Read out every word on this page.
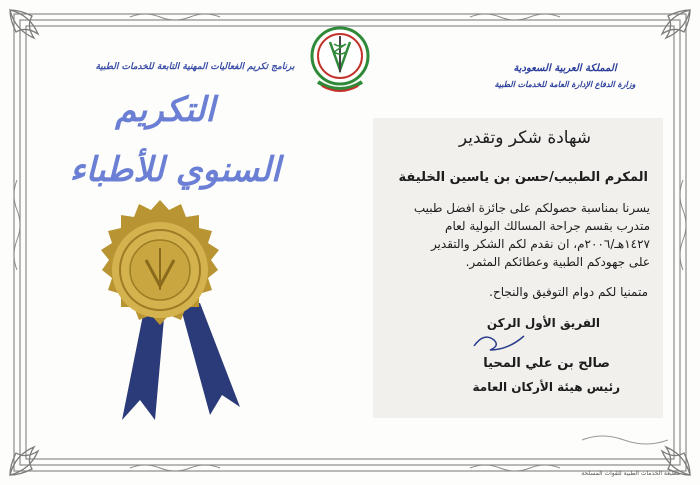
برنامج تكريم الفعاليات المهنية التابعة للخدمات الطبية	المملكة العربية السعودية
وزارة الدفاع الإدارة العامة للخدمات الطبية
التكريم
السنوي للأطباء
شهادة شكر وتقدير
المكرم الطبيب/حسن بن ياسين الخليفة
يسرنا بمناسبة حصولكم على جائزة افضل طبيب
متدرب بقسم جراحة المسالك البولية لعام
١٤٢٧هـ/٢٠٠٦م، ان نقدم لكم الشكر والتقدير
على جهودكم الطبية وعطائكم المثمر.
متمنيا لكم دوام التوفيق والنجاح.
الفريق الأول الركن
صالح بن علي المحيا
رئيس هيئة الأركان العامة
مطبعة الخدمات الطبية للقوات المسلحة
